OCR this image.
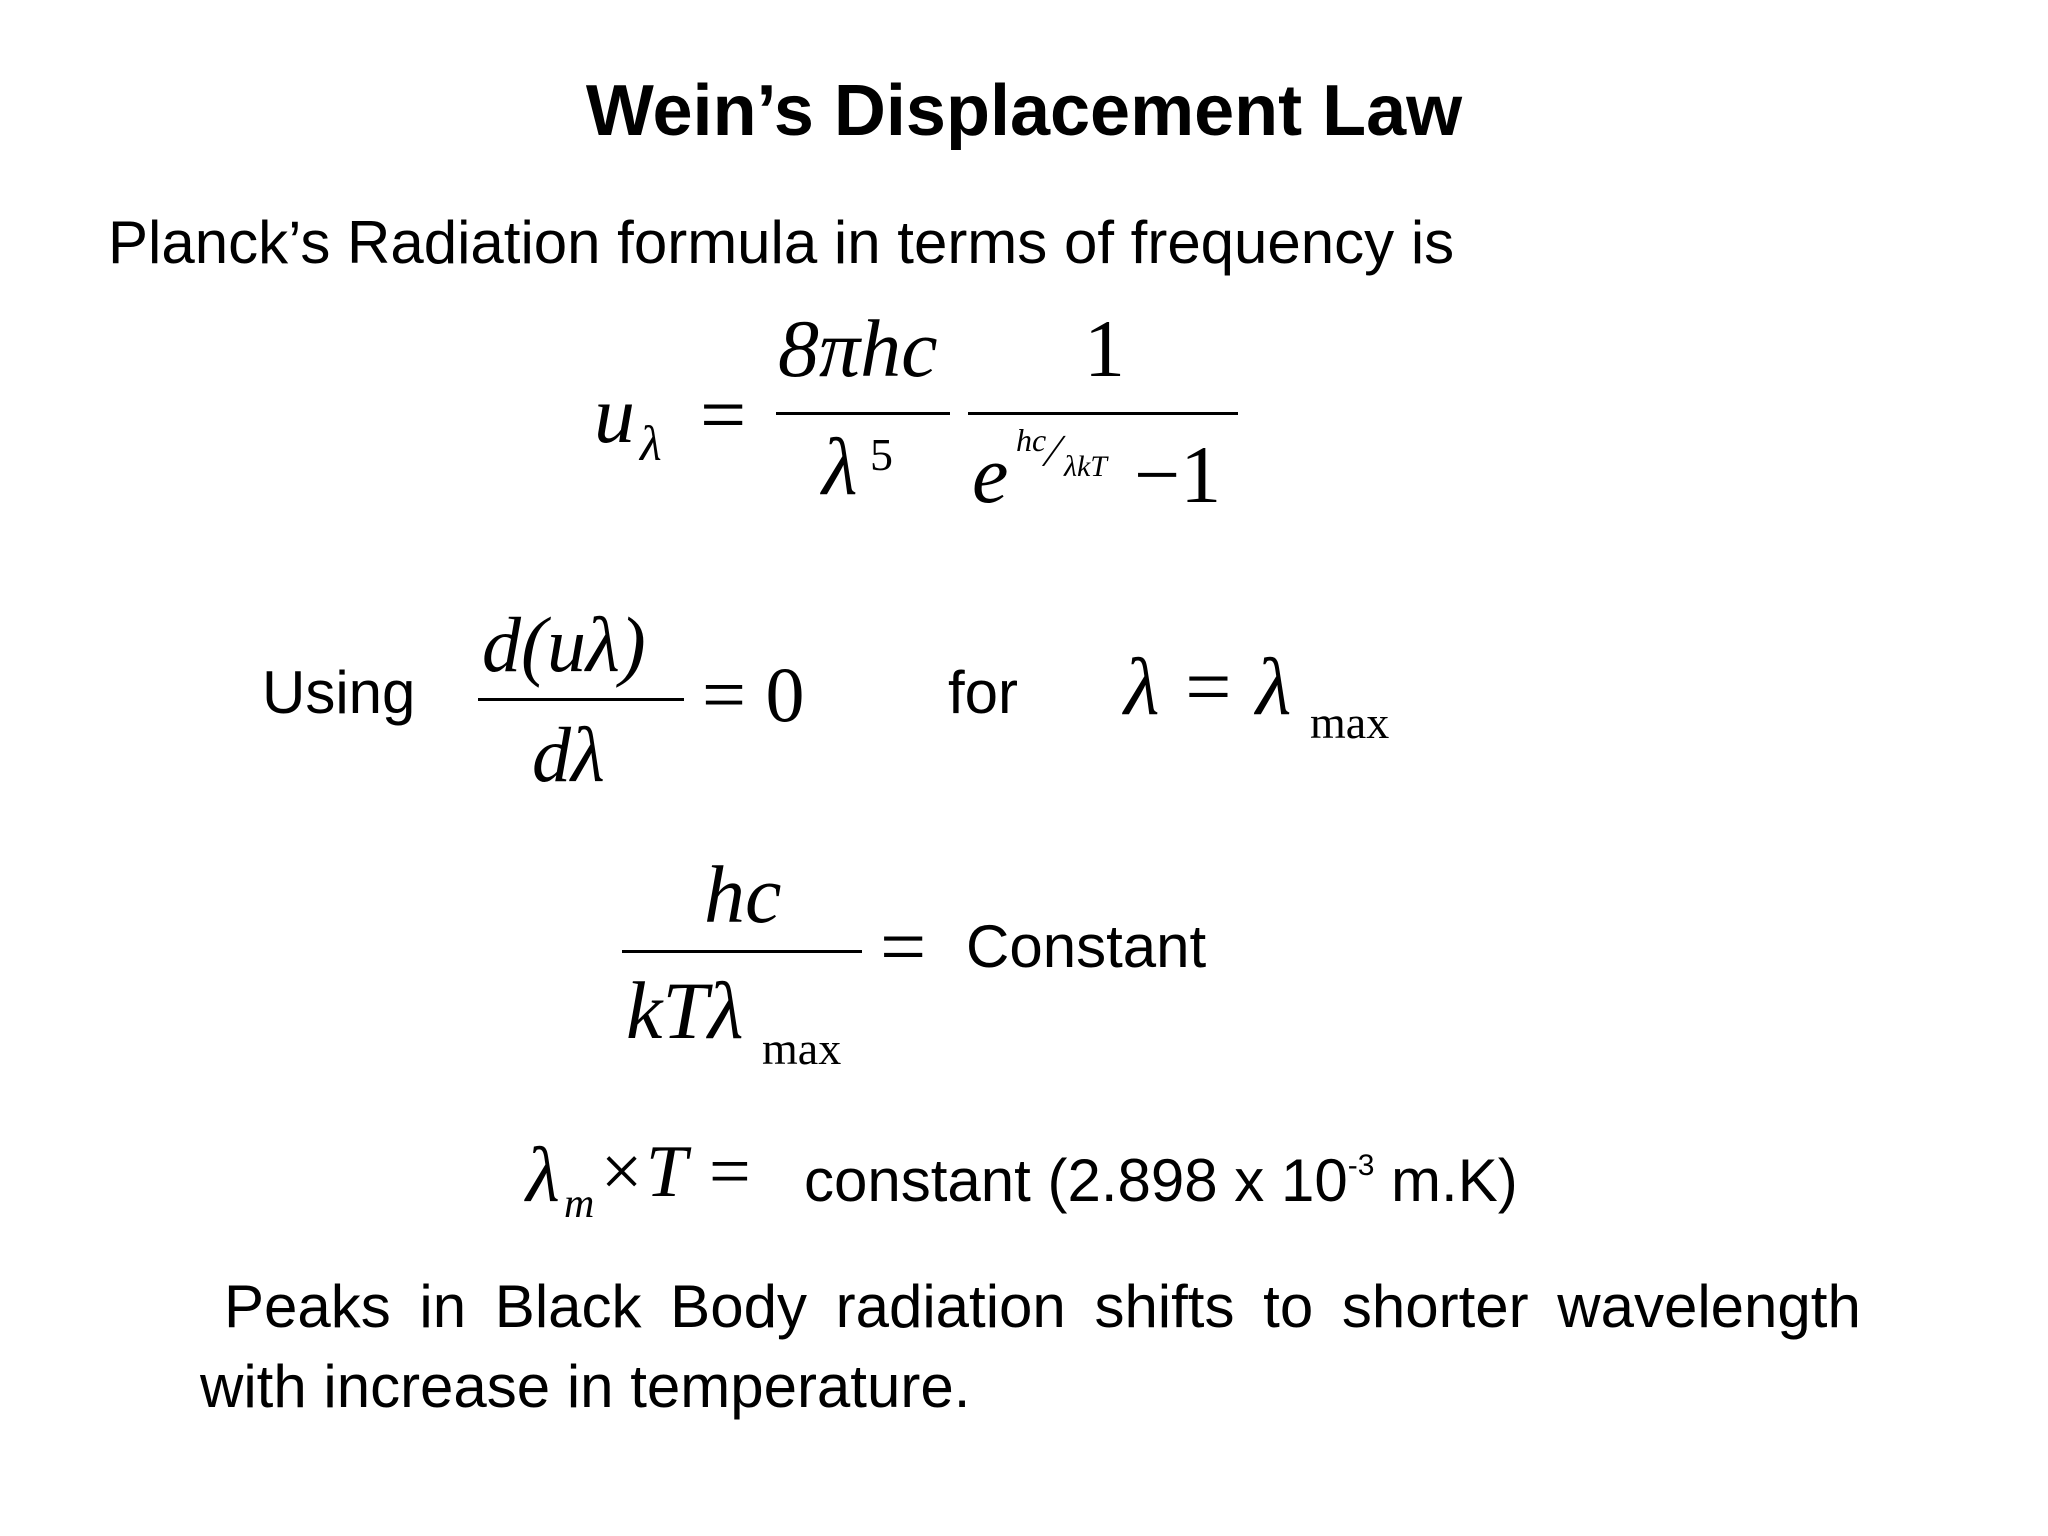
Wein’s Displacement Law
Planck’s Radiation formula in terms of frequency is
u λ =
8πhc
λ 5
1
e hc ∕ λkT −1
Using
d(uλ)
dλ
= 0 for λ = λ max
hc
kTλ max
= Constant
λ m ×T = constant (2.898 x $10^{-3}$ m.K)
Peaks in Black Body radiation shifts to shorter wavelength
with increase in temperature.
